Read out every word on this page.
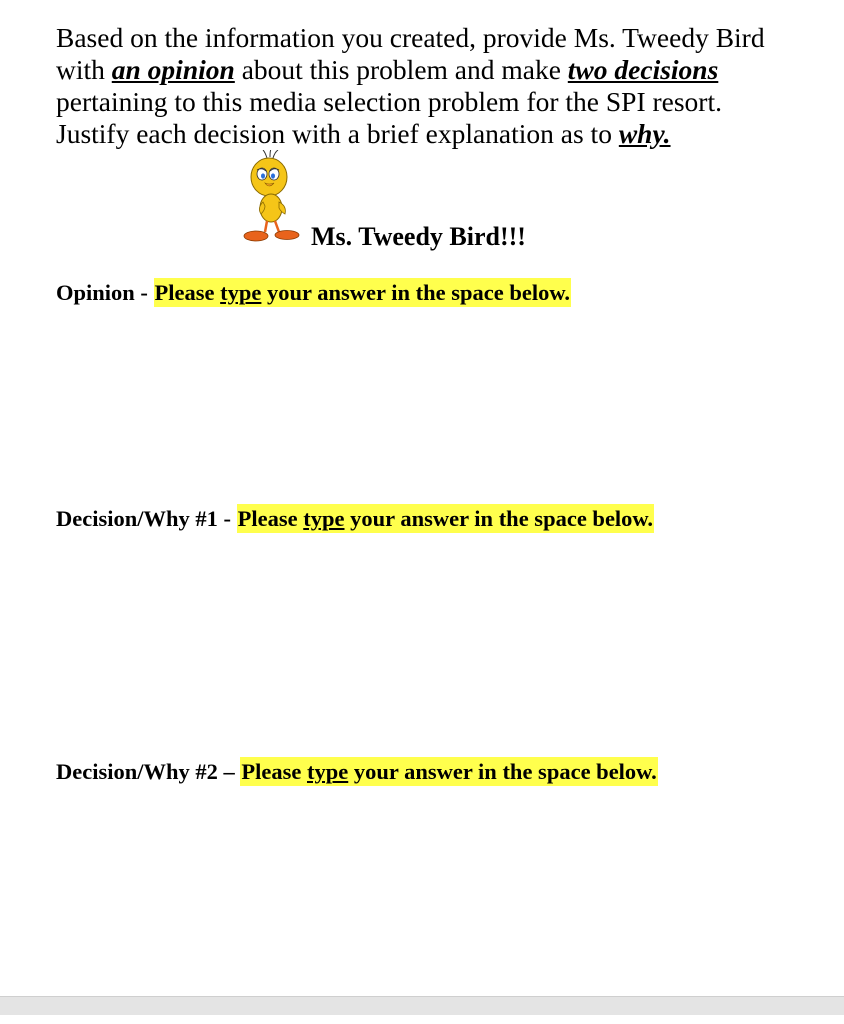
Based on the information you created, provide Ms. Tweedy Bird
with an opinion about this problem and make two decisions
pertaining to this media selection problem for the SPI resort.
Justify each decision with a brief explanation as to why.
Ms. Tweedy Bird!!!
Opinion - Please type your answer in the space below.
Decision/Why #1 - Please type your answer in the space below.
Decision/Why #2 – Please type your answer in the space below.
